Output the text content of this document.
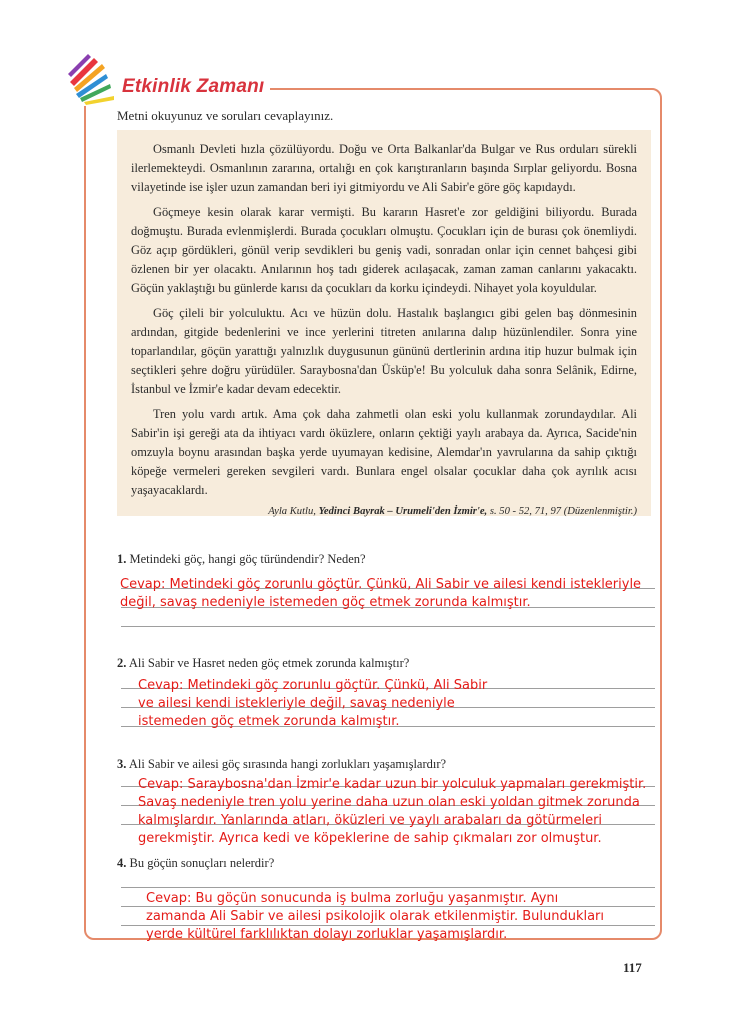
Etkinlik Zamanı
Metni okuyunuz ve soruları cevaplayınız.

Osmanlı Devleti hızla çözülüyordu. Doğu ve Orta Balkanlar'da Bulgar ve Rus orduları sürekli ilerlemekteydi. Osmanlının zararına, ortalığı en çok karıştıranların başında Sırplar geliyordu. Bosna vilayetinde ise işler uzun zamandan beri iyi gitmiyordu ve Ali Sabir'e göre göç kapıdaydı.

Göçmeye kesin olarak karar vermişti. Bu kararın Hasret'e zor geldiğini biliyordu. Burada doğmuştu. Burada evlenmişlerdi. Burada çocukları olmuştu. Çocukları için de burası çok önemliydi. Göz açıp gördükleri, gönül verip sevdikleri bu geniş vadi, sonradan onlar için cennet bahçesi gibi özlenen bir yer olacaktı. Anılarının hoş tadı giderek acılaşacak, zaman zaman canlarını yakacaktı. Göçün yaklaştığı bu günlerde karısı da çocukları da korku içindeydi. Nihayet yola koyuldular.

Göç çileli bir yolculuktu. Acı ve hüzün dolu. Hastalık başlangıcı gibi gelen baş dönmesinin ardından, gitgide bedenlerini ve ince yerlerini titreten anılarına dalıp hüzünlendiler. Sonra yine toparlandılar, göçün yarattığı yalnızlık duygusunun gününü dertlerinin ardına itip huzur bulmak için seçtikleri şehre doğru yürüdüler. Saraybosna'dan Üsküp'e! Bu yolculuk daha sonra Selânik, Edirne, İstanbul ve İzmir'e kadar devam edecektir.

Tren yolu vardı artık. Ama çok daha zahmetli olan eski yolu kullanmak zorundaydılar. Ali Sabir'in işi gereği ata da ihtiyacı vardı öküzlere, onların çektiği yaylı arabaya da. Ayrıca, Sacide'nin omzuyla boynu arasından başka yerde uyumayan kedisine, Alemdar'ın yavrularına da sahip çıktığı köpeğe vermeleri gereken sevgileri vardı. Bunlara engel olsalar çocuklar daha çok ayrılık acısı yaşayacaklardı.

Ayla Kutlu, Yedinci Bayrak – Urumeli'den İzmir'e, s. 50 - 52, 71, 97 (Düzenlenmiştir.)
1. Metindeki göç, hangi göç türündendir? Neden?
Cevap: Metindeki göç zorunlu göçtür. Çünkü, Ali Sabir ve ailesi kendi istekleriyle
değil, savaş nedeniyle istemeden göç etmek zorunda kalmıştır.
2. Ali Sabir ve Hasret neden göç etmek zorunda kalmıştır?
Cevap: Metindeki göç zorunlu göçtür. Çünkü, Ali Sabir
ve ailesi kendi istekleriyle değil, savaş nedeniyle
istemeden göç etmek zorunda kalmıştır.
3. Ali Sabir ve ailesi göç sırasında hangi zorlukları yaşamışlardır?
Cevap: Saraybosna'dan İzmir'e kadar uzun bir yolculuk yapmaları gerekmiştir.
Savaş nedeniyle tren yolu yerine daha uzun olan eski yoldan gitmek zorunda
kalmışlardır. Yanlarında atları, öküzleri ve yaylı arabaları da götürmeleri
gerekmiştir. Ayrıca kedi ve köpeklerine de sahip çıkmaları zor olmuştur.
4. Bu göçün sonuçları nelerdir?
Cevap: Bu göçün sonucunda iş bulma zorluğu yaşanmıştır. Aynı
zamanda Ali Sabir ve ailesi psikolojik olarak etkilenmiştir. Bulundukları
yerde kültürel farklılıktan dolayı zorluklar yaşamışlardır.
117
